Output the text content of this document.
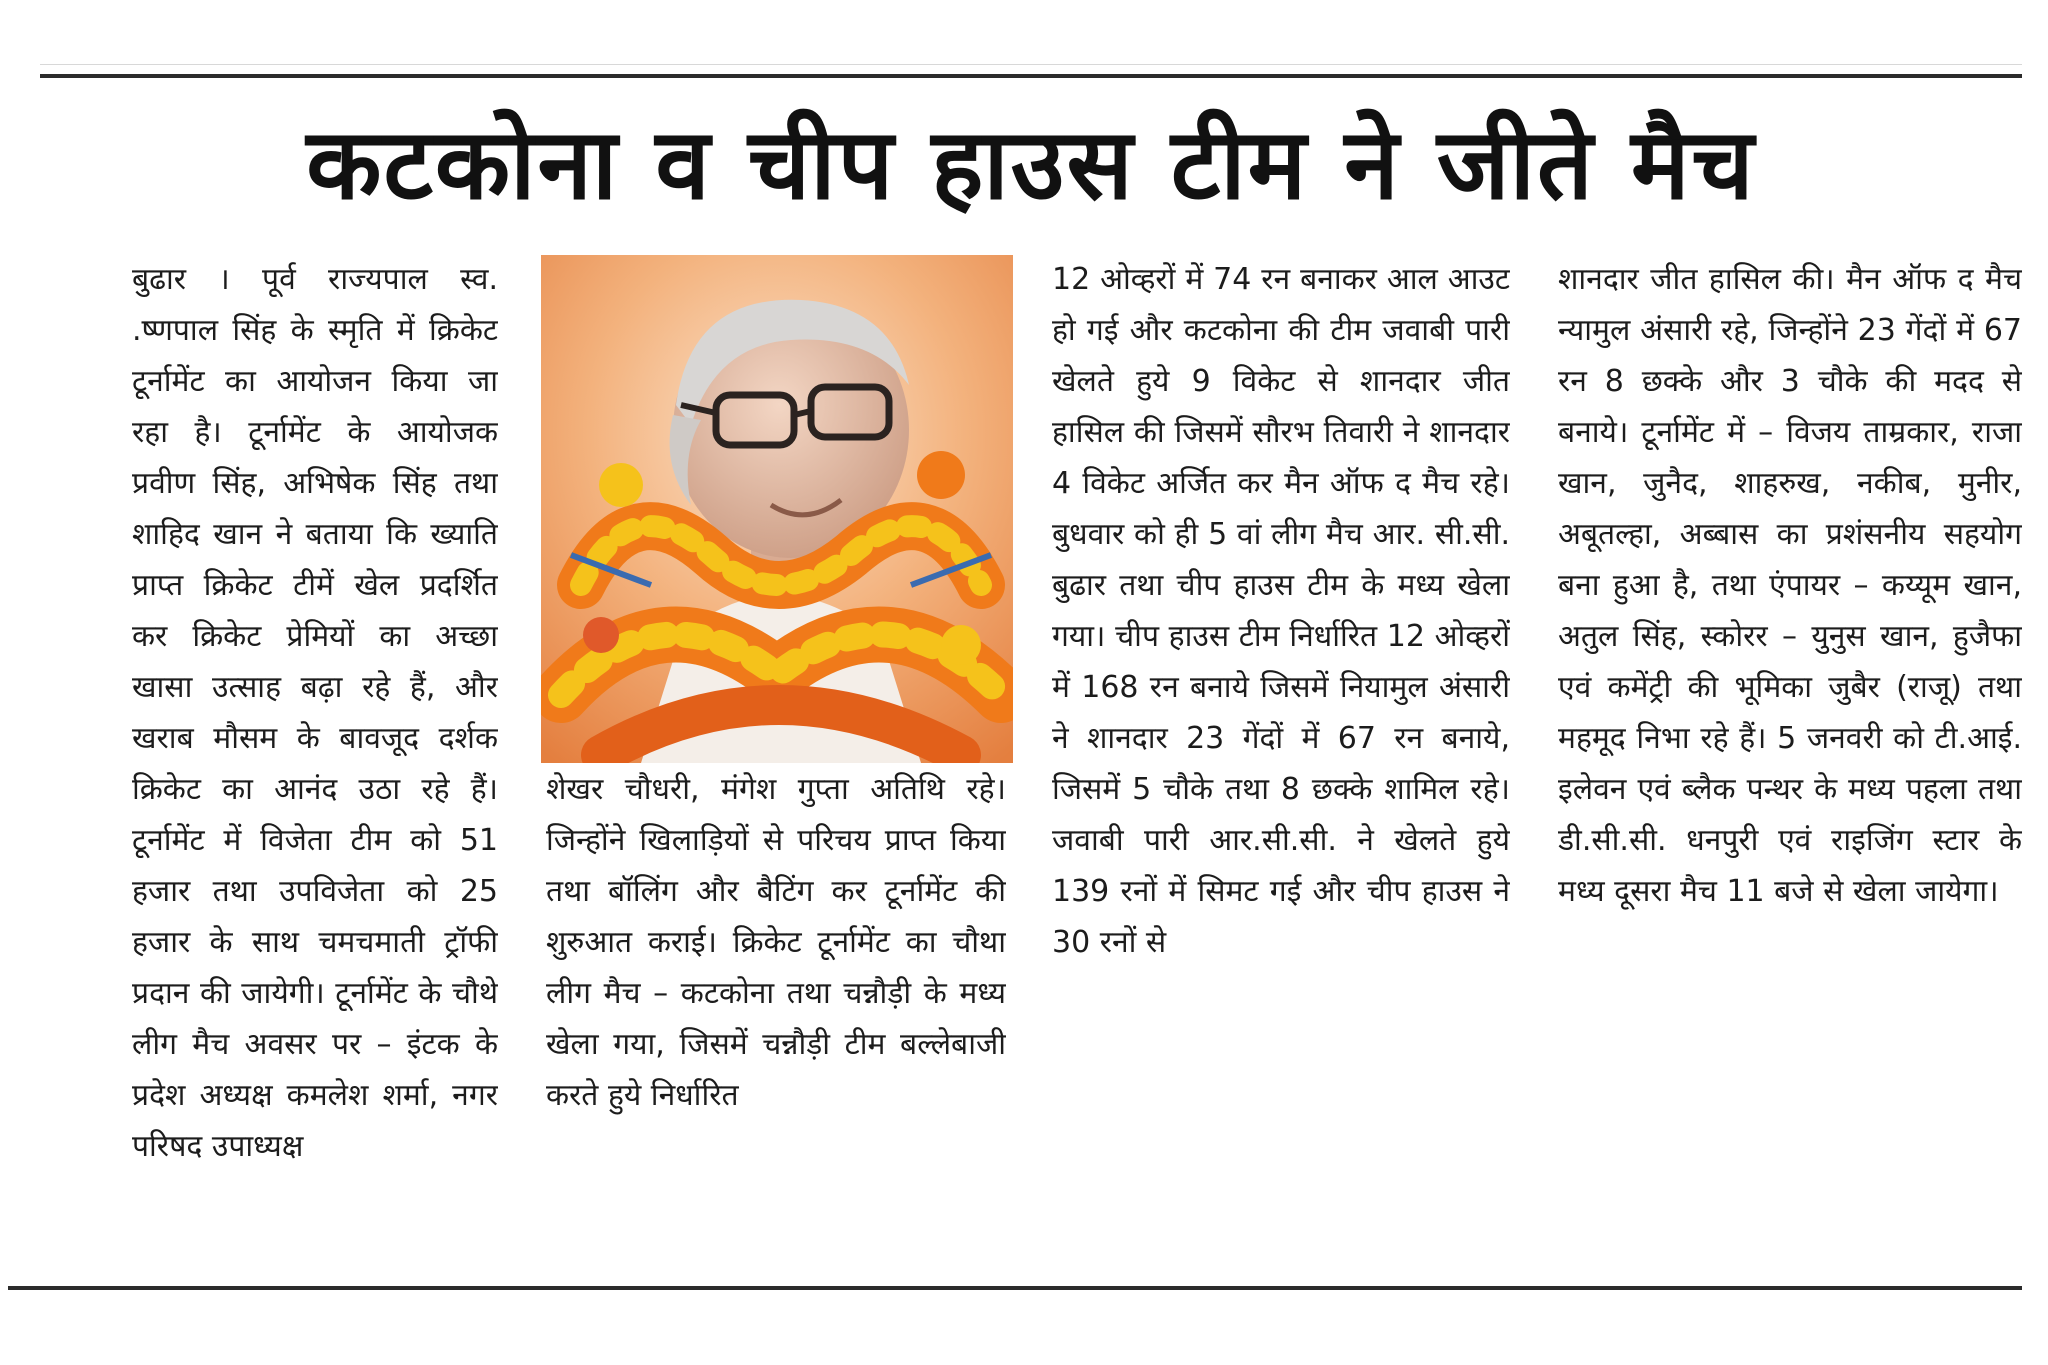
कटकोना व चीप हाउस टीम ने जीते मैच

बुढार । पूर्व राज्यपाल स्व. .ष्णपाल सिंह के स्मृति में क्रिकेट टूर्नामेंट का आयोजन किया जा रहा है। टूर्नामेंट के आयोजक प्रवीण सिंह, अभिषेक सिंह तथा शाहिद खान ने बताया कि ख्याति प्राप्त क्रिकेट टीमें खेल प्रदर्शित कर क्रिकेट प्रेमियों का अच्छा खासा उत्साह बढ़ा रहे हैं, और खराब मौसम के बावजूद दर्शक क्रिकेट का आनंद उठा रहे हैं। टूर्नामेंट में विजेता टीम को 51 हजार तथा उपविजेता को 25 हजार के साथ चमचमाती ट्रॉफी प्रदान की जायेगी। टूर्नामेंट के चौथे लीग मैच अवसर पर – इंटक के प्रदेश अध्यक्ष कमलेश शर्मा, नगर परिषद उपाध्यक्ष

शेखर चौधरी, मंगेश गुप्ता अतिथि रहे। जिन्होंने खिलाड़ियों से परिचय प्राप्त किया तथा बॉलिंग और बैटिंग कर टूर्नामेंट की शुरुआत कराई। क्रिकेट टूर्नामेंट का चौथा लीग मैच – कटकोना तथा चन्नौड़ी के मध्य खेला गया, जिसमें चन्नौड़ी टीम बल्लेबाजी करते हुये निर्धारित

12 ओव्हरों में 74 रन बनाकर आल आउट हो गई और कटकोना की टीम जवाबी पारी खेलते हुये 9 विकेट से शानदार जीत हासिल की जिसमें सौरभ तिवारी ने शानदार 4 विकेट अर्जित कर मैन ऑफ द मैच रहे। बुधवार को ही 5 वां लीग मैच आर. सी.सी. बुढार तथा चीप हाउस टीम के मध्य खेला गया। चीप हाउस टीम निर्धारित 12 ओव्हरों में 168 रन बनाये जिसमें नियामुल अंसारी ने शानदार 23 गेंदों में 67 रन बनाये, जिसमें 5 चौके तथा 8 छक्के शामिल रहे। जवाबी पारी आर.सी.सी. ने खेलते हुये 139 रनों में सिमट गई और चीप हाउस ने 30 रनों से

शानदार जीत हासिल की। मैन ऑफ द मैच न्यामुल अंसारी रहे, जिन्होंने 23 गेंदों में 67 रन 8 छक्के और 3 चौके की मदद से बनाये। टूर्नामेंट में – विजय ताम्रकार, राजा खान, जुनैद, शाहरुख, नकीब, मुनीर, अबूतल्हा, अब्बास का प्रशंसनीय सहयोग बना हुआ है, तथा एंपायर – कय्यूम खान, अतुल सिंह, स्कोरर – युनुस खान, हुजैफा एवं कमेंट्री की भूमिका जुबैर (राजू) तथा महमूद निभा रहे हैं। 5 जनवरी को टी.आई. इलेवन एवं ब्लैक पन्थर के मध्य पहला तथा डी.सी.सी. धनपुरी एवं राइजिंग स्टार के मध्य दूसरा मैच 11 बजे से खेला जायेगा।
